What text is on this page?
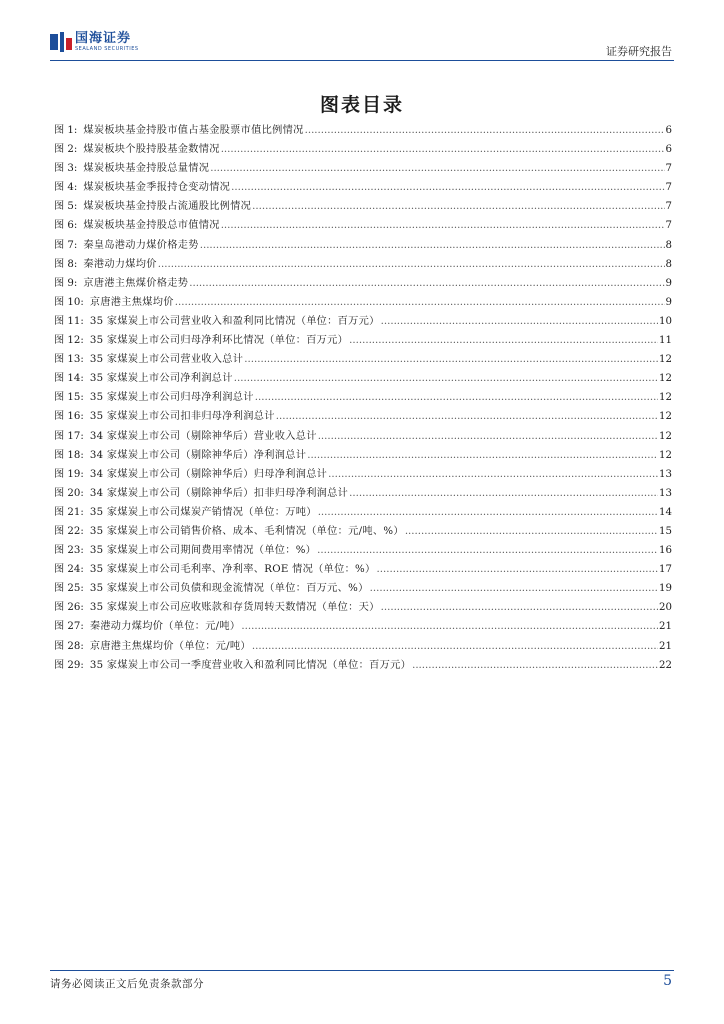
国海证券
SEALAND SECURITIES	证券研究报告
图表目录
图 1: 煤炭板块基金持股市值占基金股票市值比例情况 .....	6
图 2: 煤炭板块个股持股基金数情况 .....	6
图 3: 煤炭板块基金持股总量情况 .....	7
图 4: 煤炭板块基金季报持仓变动情况 .....	7
图 5: 煤炭板块基金持股占流通股比例情况 .....	7
图 6: 煤炭板块基金持股总市值情况 .....	7
图 7: 秦皇岛港动力煤价格走势 .....	8
图 8: 秦港动力煤均价 .....	8
图 9: 京唐港主焦煤价格走势 .....	9
图 10: 京唐港主焦煤均价 .....	9
图 11: 35 家煤炭上市公司营业收入和盈利同比情况（单位：百万元） .....	10
图 12: 35 家煤炭上市公司归母净利环比情况（单位：百万元） .....	11
图 13: 35 家煤炭上市公司营业收入总计 .....	12
图 14: 35 家煤炭上市公司净利润总计 .....	12
图 15: 35 家煤炭上市公司归母净利润总计 .....	12
图 16: 35 家煤炭上市公司扣非归母净利润总计 .....	12
图 17: 34 家煤炭上市公司（剔除神华后）营业收入总计 .....	12
图 18: 34 家煤炭上市公司（剔除神华后）净利润总计 .....	12
图 19: 34 家煤炭上市公司（剔除神华后）归母净利润总计 .....	13
图 20: 34 家煤炭上市公司（剔除神华后）扣非归母净利润总计 .....	13
图 21: 35 家煤炭上市公司煤炭产销情况（单位：万吨） .....	14
图 22: 35 家煤炭上市公司销售价格、成本、毛利情况（单位：元/吨、%） .....	15
图 23: 35 家煤炭上市公司期间费用率情况（单位：%） .....	16
图 24: 35 家煤炭上市公司毛利率、净利率、ROE 情况（单位：%） .....	17
图 25: 35 家煤炭上市公司负债和现金流情况（单位：百万元、%） .....	19
图 26: 35 家煤炭上市公司应收账款和存货周转天数情况（单位：天） .....	20
图 27: 秦港动力煤均价（单位：元/吨） .....	21
图 28: 京唐港主焦煤均价（单位：元/吨） .....	21
图 29: 35 家煤炭上市公司一季度营业收入和盈利同比情况（单位：百万元） .....	22
请务必阅读正文后免责条款部分	5
